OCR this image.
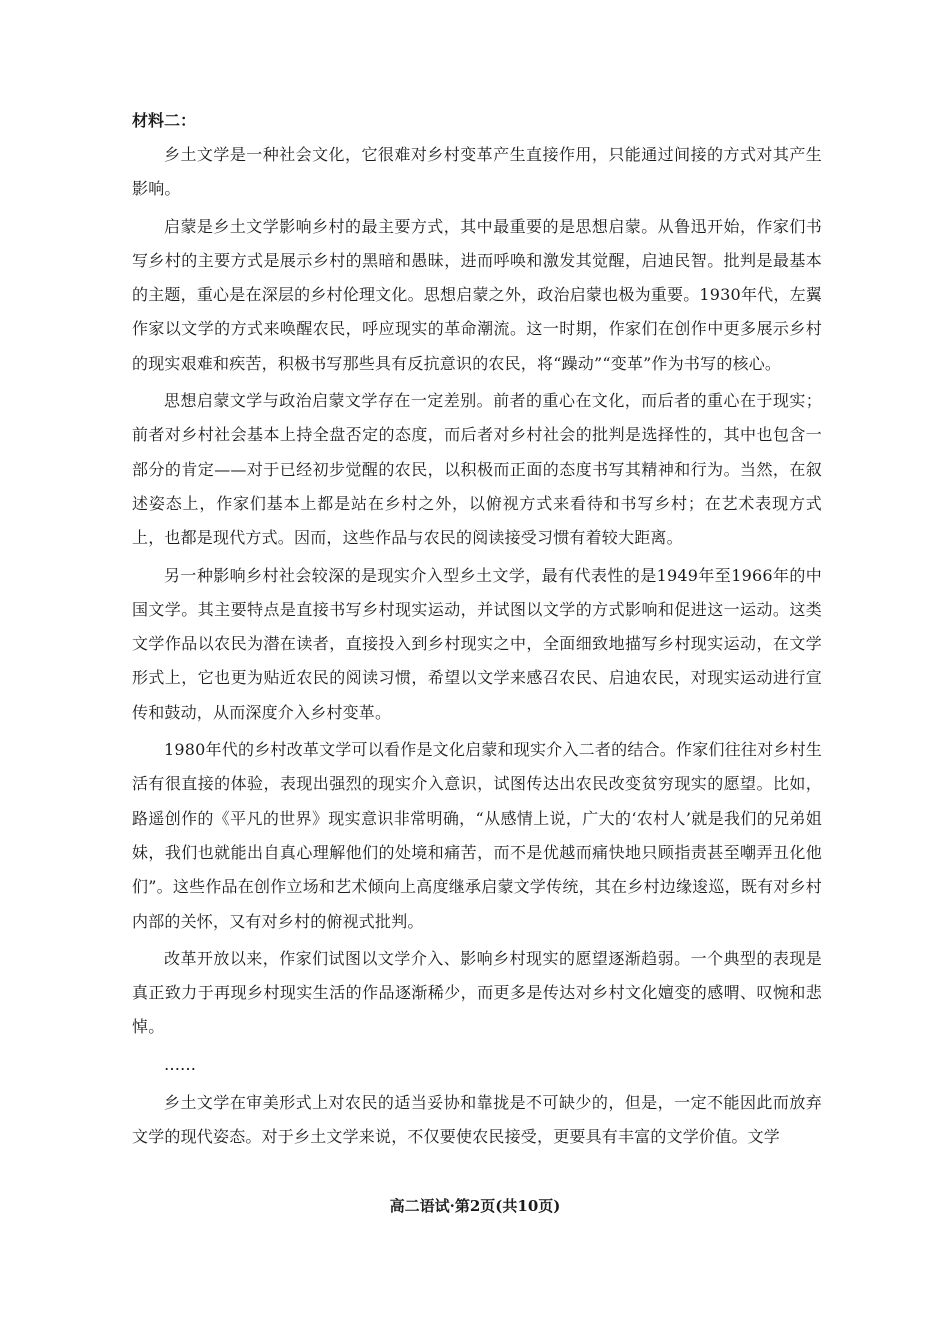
材料二：

乡土文学是一种社会文化，它很难对乡村变革产生直接作用，只能通过间接的方式对其产生影响。

启蒙是乡土文学影响乡村的最主要方式，其中最重要的是思想启蒙。从鲁迅开始，作家们书写乡村的主要方式是展示乡村的黑暗和愚昧，进而呼唤和激发其觉醒，启迪民智。批判是最基本的主题，重心是在深层的乡村伦理文化。思想启蒙之外，政治启蒙也极为重要。1930年代，左翼作家以文学的方式来唤醒农民，呼应现实的革命潮流。这一时期，作家们在创作中更多展示乡村的现实艰难和疾苦，积极书写那些具有反抗意识的农民，将“躁动”“变革”作为书写的核心。

思想启蒙文学与政治启蒙文学存在一定差别。前者的重心在文化，而后者的重心在于现实；前者对乡村社会基本上持全盘否定的态度，而后者对乡村社会的批判是选择性的，其中也包含一部分的肯定——对于已经初步觉醒的农民，以积极而正面的态度书写其精神和行为。当然，在叙述姿态上，作家们基本上都是站在乡村之外，以俯视方式来看待和书写乡村；在艺术表现方式上，也都是现代方式。因而，这些作品与农民的阅读接受习惯有着较大距离。

另一种影响乡村社会较深的是现实介入型乡土文学，最有代表性的是1949年至1966年的中国文学。其主要特点是直接书写乡村现实运动，并试图以文学的方式影响和促进这一运动。这类文学作品以农民为潜在读者，直接投入到乡村现实之中，全面细致地描写乡村现实运动，在文学形式上，它也更为贴近农民的阅读习惯，希望以文学来感召农民、启迪农民，对现实运动进行宣传和鼓动，从而深度介入乡村变革。

1980年代的乡村改革文学可以看作是文化启蒙和现实介入二者的结合。作家们往往对乡村生活有很直接的体验，表现出强烈的现实介入意识，试图传达出农民改变贫穷现实的愿望。比如，路遥创作的《平凡的世界》现实意识非常明确，“从感情上说，广大的‘农村人’就是我们的兄弟姐妹，我们也就能出自真心理解他们的处境和痛苦，而不是优越而痛快地只顾指责甚至嘲弄丑化他们”。这些作品在创作立场和艺术倾向上高度继承启蒙文学传统，其在乡村边缘逡巡，既有对乡村内部的关怀，又有对乡村的俯视式批判。

改革开放以来，作家们试图以文学介入、影响乡村现实的愿望逐渐趋弱。一个典型的表现是真正致力于再现乡村现实生活的作品逐渐稀少，而更多是传达对乡村文化嬗变的感喟、叹惋和悲悼。

……

乡土文学在审美形式上对农民的适当妥协和靠拢是不可缺少的，但是，一定不能因此而放弃文学的现代姿态。对于乡土文学来说，不仅要使农民接受，更要具有丰富的文学价值。文学

高二语试·第2页(共10页)
